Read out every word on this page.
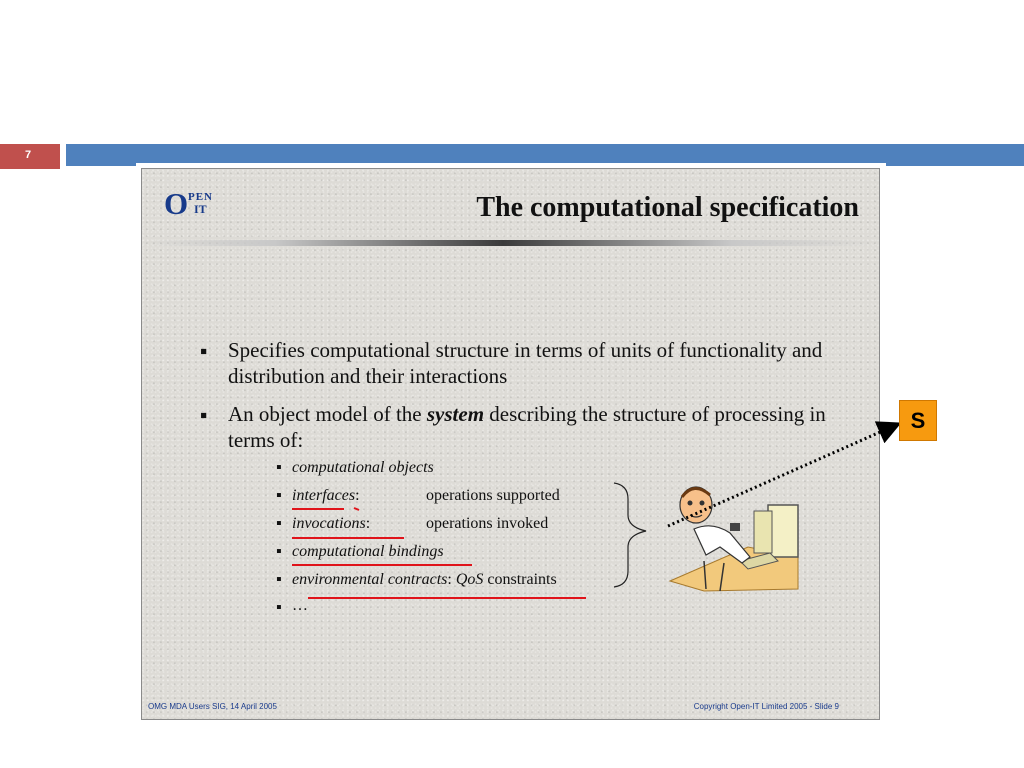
7
O PEN
IT	The computational specification
▪ Specifies computational structure in terms of units of functionality and distribution and their interactions
▪ An object model of the system describing the structure of processing in terms of:
▪ computational objects
▪ interfaces:	operations supported
▪ invocations:	operations invoked
▪ computational bindings
▪ environmental contracts: QoS constraints
▪ …
OMG MDA Users SIG, 14 April 2005	Copyright Open-IT Limited 2005 - Slide 9
S
